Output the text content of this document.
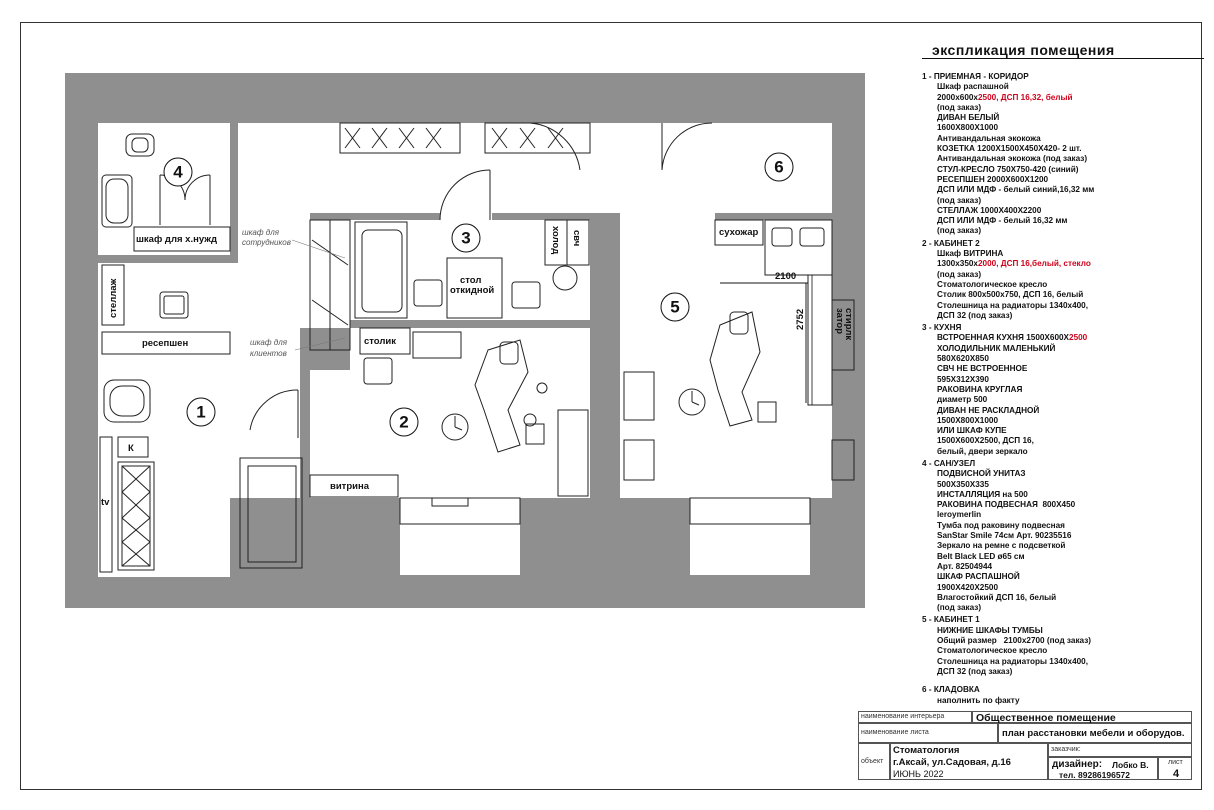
1
2
3
4
5
6
шкаф для х.нужд
стеллаж
ресепшен
К
tv
столик
витрина
стол
откидной
холод свч	сухожар
стирлк
затор
2100
2752
шкаф для
сотрудников
шкаф для
клиентов
экспликация помещения
1 - ПРИЕМНАЯ - КОРИДОР
Шкаф распашной
2000х600х2500, ДСП 16,32, белый
(под заказ)
ДИВАН БЕЛЫЙ
1600Х800Х1000
Антивандальная экокожа
КОЗЕТКА 1200Х1500Х450Х420- 2 шт.
Антивандальная экокожа (под заказ)
СТУЛ-КРЕСЛО 750Х750-420 (синий)
РЕСЕПШЕН 2000Х600Х1200
ДСП ИЛИ МДФ - белый синий,16,32 мм
(под заказ)
СТЕЛЛАЖ 1000Х400Х2200
ДСП ИЛИ МДФ - белый 16,32 мм
(под заказ)
2 - КАБИНЕТ 2
Шкаф ВИТРИНА
1300х350х2000, ДСП 16,белый, стекло
(под заказ)
Стоматологическое кресло
Столик 800х500х750, ДСП 16, белый
Столешница на радиаторы 1340х400,
ДСП 32 (под заказ)
3 - КУХНЯ
ВСТРОЕННАЯ КУХНЯ 1500Х600Х2500
ХОЛОДИЛЬНИК МАЛЕНЬКИЙ
580Х620Х850
СВЧ НЕ ВСТРОЕННОЕ
595Х312Х390
РАКОВИНА КРУГЛАЯ
диаметр 500
ДИВАН НЕ РАСКЛАДНОЙ
1500Х800Х1000
ИЛИ ШКАФ КУПЕ
1500Х600Х2500, ДСП 16,
белый, двери зеркало
4 - САН/УЗЕЛ
ПОДВИСНОЙ УНИТАЗ
500Х350Х335
ИНСТАЛЛЯЦИЯ на 500
РАКОВИНА ПОДВЕСНАЯ  800Х450
leroymerlin
Тумба под раковину подвесная
SanStar Smile 74см Арт. 90235516
Зеркало на ремне с подсветкой
Belt Black LED ø65 см
Арт. 82504944
ШКАФ РАСПАШНОЙ
1900Х420Х2500
Влагостойкий ДСП 16, белый
(под заказ)
5 - КАБИНЕТ 1
НИЖНИЕ ШКАФЫ ТУМБЫ
Общий размер   2100х2700 (под заказ)
Стоматологическое кресло
Столешница на радиаторы 1340х400,
ДСП 32 (под заказ)
6 - КЛАДОВКА
наполнить по факту
наименование интерьера	Общественное помещение
наименование листа	план расстановки мебели и оборудов.
объект
Стоматология
г.Аксай, ул.Садовая, д.16
ИЮНЬ 2022
заказчик:
дизайнер: Лобко В.
тел. 89286196572
лист
4
